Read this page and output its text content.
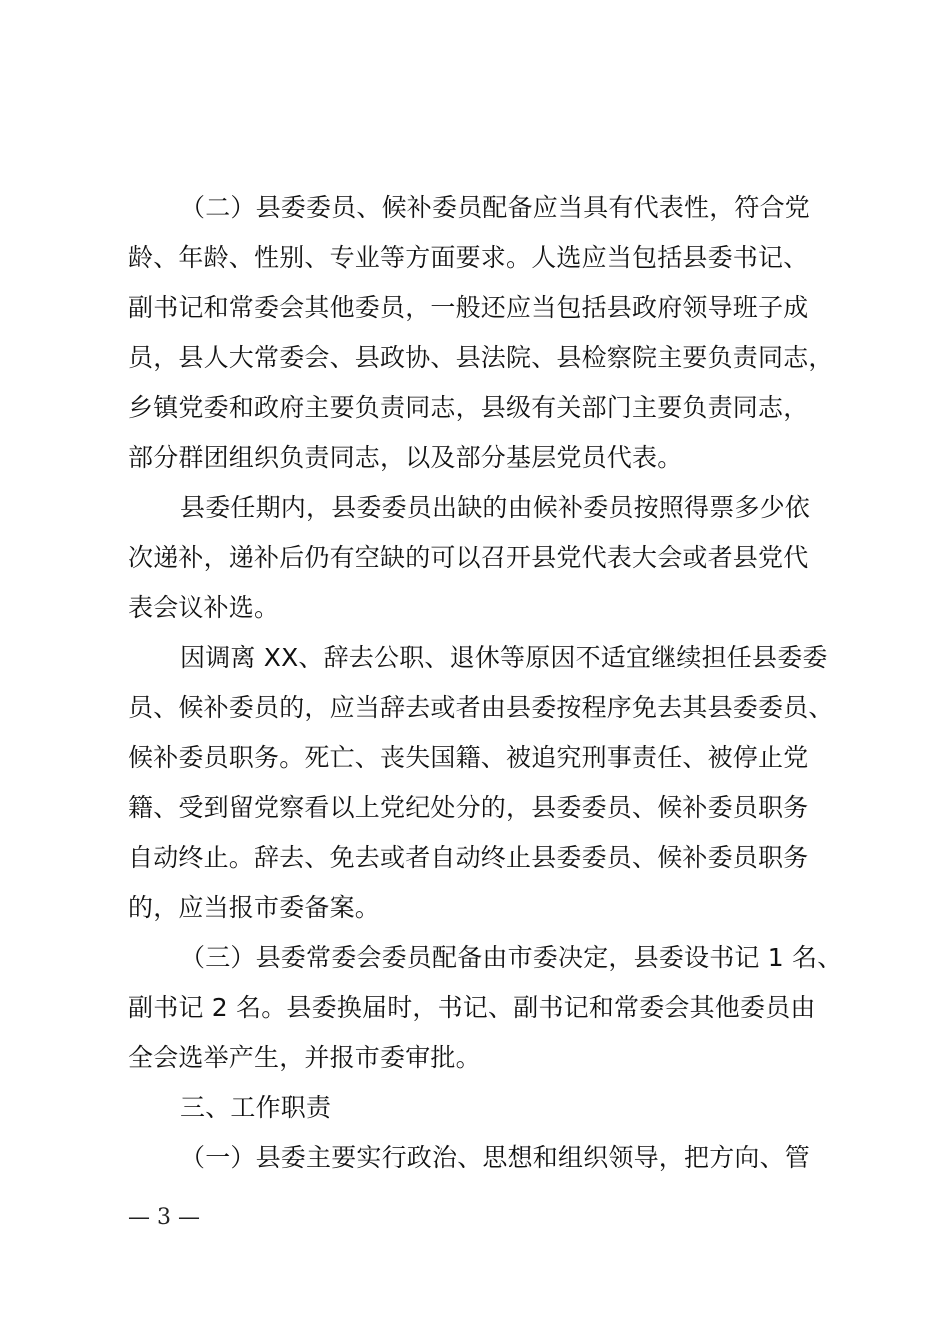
（二）县委委员、候补委员配备应当具有代表性，符合党
龄、年龄、性别、专业等方面要求。人选应当包括县委书记、
副书记和常委会其他委员，一般还应当包括县政府领导班子成
员，县人大常委会、县政协、县法院、县检察院主要负责同志，
乡镇党委和政府主要负责同志，县级有关部门主要负责同志，
部分群团组织负责同志，以及部分基层党员代表。
县委任期内，县委委员出缺的由候补委员按照得票多少依
次递补，递补后仍有空缺的可以召开县党代表大会或者县党代
表会议补选。
因调离 XX、辞去公职、退休等原因不适宜继续担任县委委
员、候补委员的，应当辞去或者由县委按程序免去其县委委员、
候补委员职务。死亡、丧失国籍、被追究刑事责任、被停止党
籍、受到留党察看以上党纪处分的，县委委员、候补委员职务
自动终止。辞去、免去或者自动终止县委委员、候补委员职务
的，应当报市委备案。
（三）县委常委会委员配备由市委决定，县委设书记 1 名、
副书记 2 名。县委换届时，书记、副书记和常委会其他委员由
全会选举产生，并报市委审批。
三、工作职责
（一）县委主要实行政治、思想和组织领导，把方向、管
— 3 —
